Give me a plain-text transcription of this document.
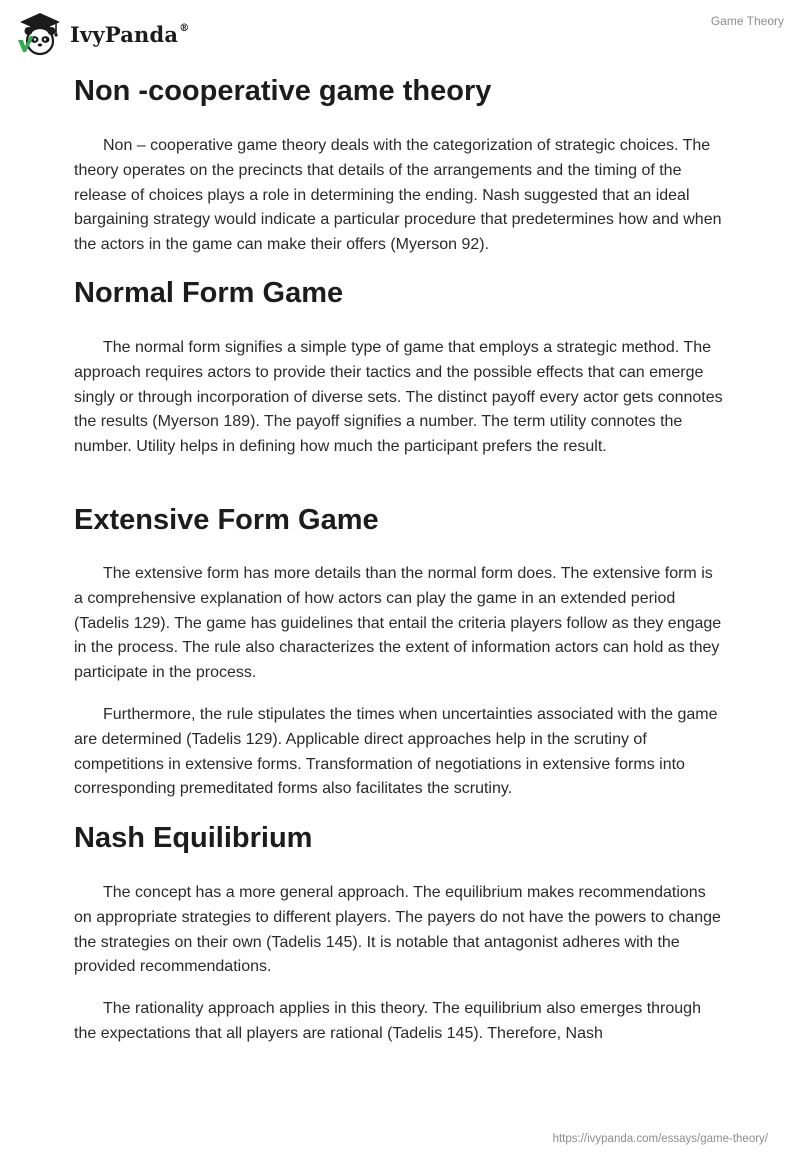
IvyPanda®	Game Theory
Non -cooperative game theory

Non – cooperative game theory deals with the categorization of strategic choices. The theory operates on the precincts that details of the arrangements and the timing of the release of choices plays a role in determining the ending. Nash suggested that an ideal bargaining strategy would indicate a particular procedure that predetermines how and when the actors in the game can make their offers (Myerson 92).

Normal Form Game

The normal form signifies a simple type of game that employs a strategic method. The approach requires actors to provide their tactics and the possible effects that can emerge singly or through incorporation of diverse sets. The distinct payoff every actor gets connotes the results (Myerson 189). The payoff signifies a number. The term utility connotes the number. Utility helps in defining how much the participant prefers the result.

Extensive Form Game

The extensive form has more details than the normal form does. The extensive form is a comprehensive explanation of how actors can play the game in an extended period (Tadelis 129). The game has guidelines that entail the criteria players follow as they engage in the process. The rule also characterizes the extent of information actors can hold as they participate in the process.

Furthermore, the rule stipulates the times when uncertainties associated with the game are determined (Tadelis 129). Applicable direct approaches help in the scrutiny of competitions in extensive forms. Transformation of negotiations in extensive forms into corresponding premeditated forms also facilitates the scrutiny.

Nash Equilibrium

The concept has a more general approach. The equilibrium makes recommendations on appropriate strategies to different players. The payers do not have the powers to change the strategies on their own (Tadelis 145). It is notable that antagonist adheres with the provided recommendations.

The rationality approach applies in this theory. The equilibrium also emerges through the expectations that all players are rational (Tadelis 145). Therefore, Nash

https://ivypanda.com/essays/game-theory/
